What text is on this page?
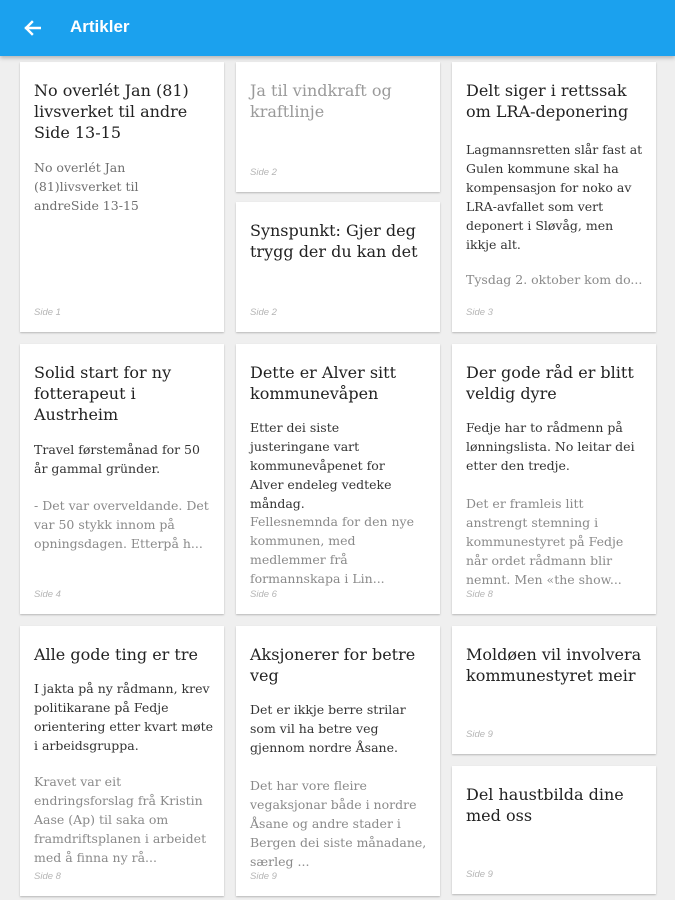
Artikler
No overlét Jan (81) livsverket til andre Side 13-15
No overlét Jan (81)livsverket til andreSide 13-15
Side 1
Ja til vindkraft og kraftlinje
Side 2
Synspunkt: Gjer deg trygg der du kan det
Side 2
Delt siger i rettssak om LRA-deponering
Lagmannsretten slår fast at Gulen kommune skal ha kompensasjon for noko av LRA-avfallet som vert deponert i Sløvåg, men ikkje alt.
Tysdag 2. oktober kom do...
Side 3
Solid start for ny fotterapeut i Austrheim
Travel førstemånad for 50 år gammal gründer.
- Det var overveldande. Det var 50 stykk innom på opningsdagen. Etterpå h...
Side 4
Dette er Alver sitt kommunevåpen
Etter dei siste justeringane vart kommunevåpenet for Alver endeleg vedteke måndag.
Fellesnemnda for den nye kommunen, med medlemmer frå formannskapa i Lin...
Side 6
Der gode råd er blitt veldig dyre
Fedje har to rådmenn på lønningslista. No leitar dei etter den tredje.
Det er framleis litt anstrengt stemning i kommunestyret på Fedje når ordet rådmann blir nemnt. Men «the show...
Side 8
Alle gode ting er tre
I jakta på ny rådmann, krev politikarane på Fedje orientering etter kvart møte i arbeidsgruppa.
Kravet var eit endringsforslag frå Kristin Aase (Ap) til saka om framdriftsplanen i arbeidet med å finna ny rå...
Side 8
Aksjonerer for betre veg
Det er ikkje berre strilar som vil ha betre veg gjennom nordre Åsane.
Det har vore fleire vegaksjonar både i nordre Åsane og andre stader i Bergen dei siste månadane, særleg ...
Side 9
Moldøen vil involvera kommunestyret meir
Side 9
Del haustbilda dine med oss
Side 9
